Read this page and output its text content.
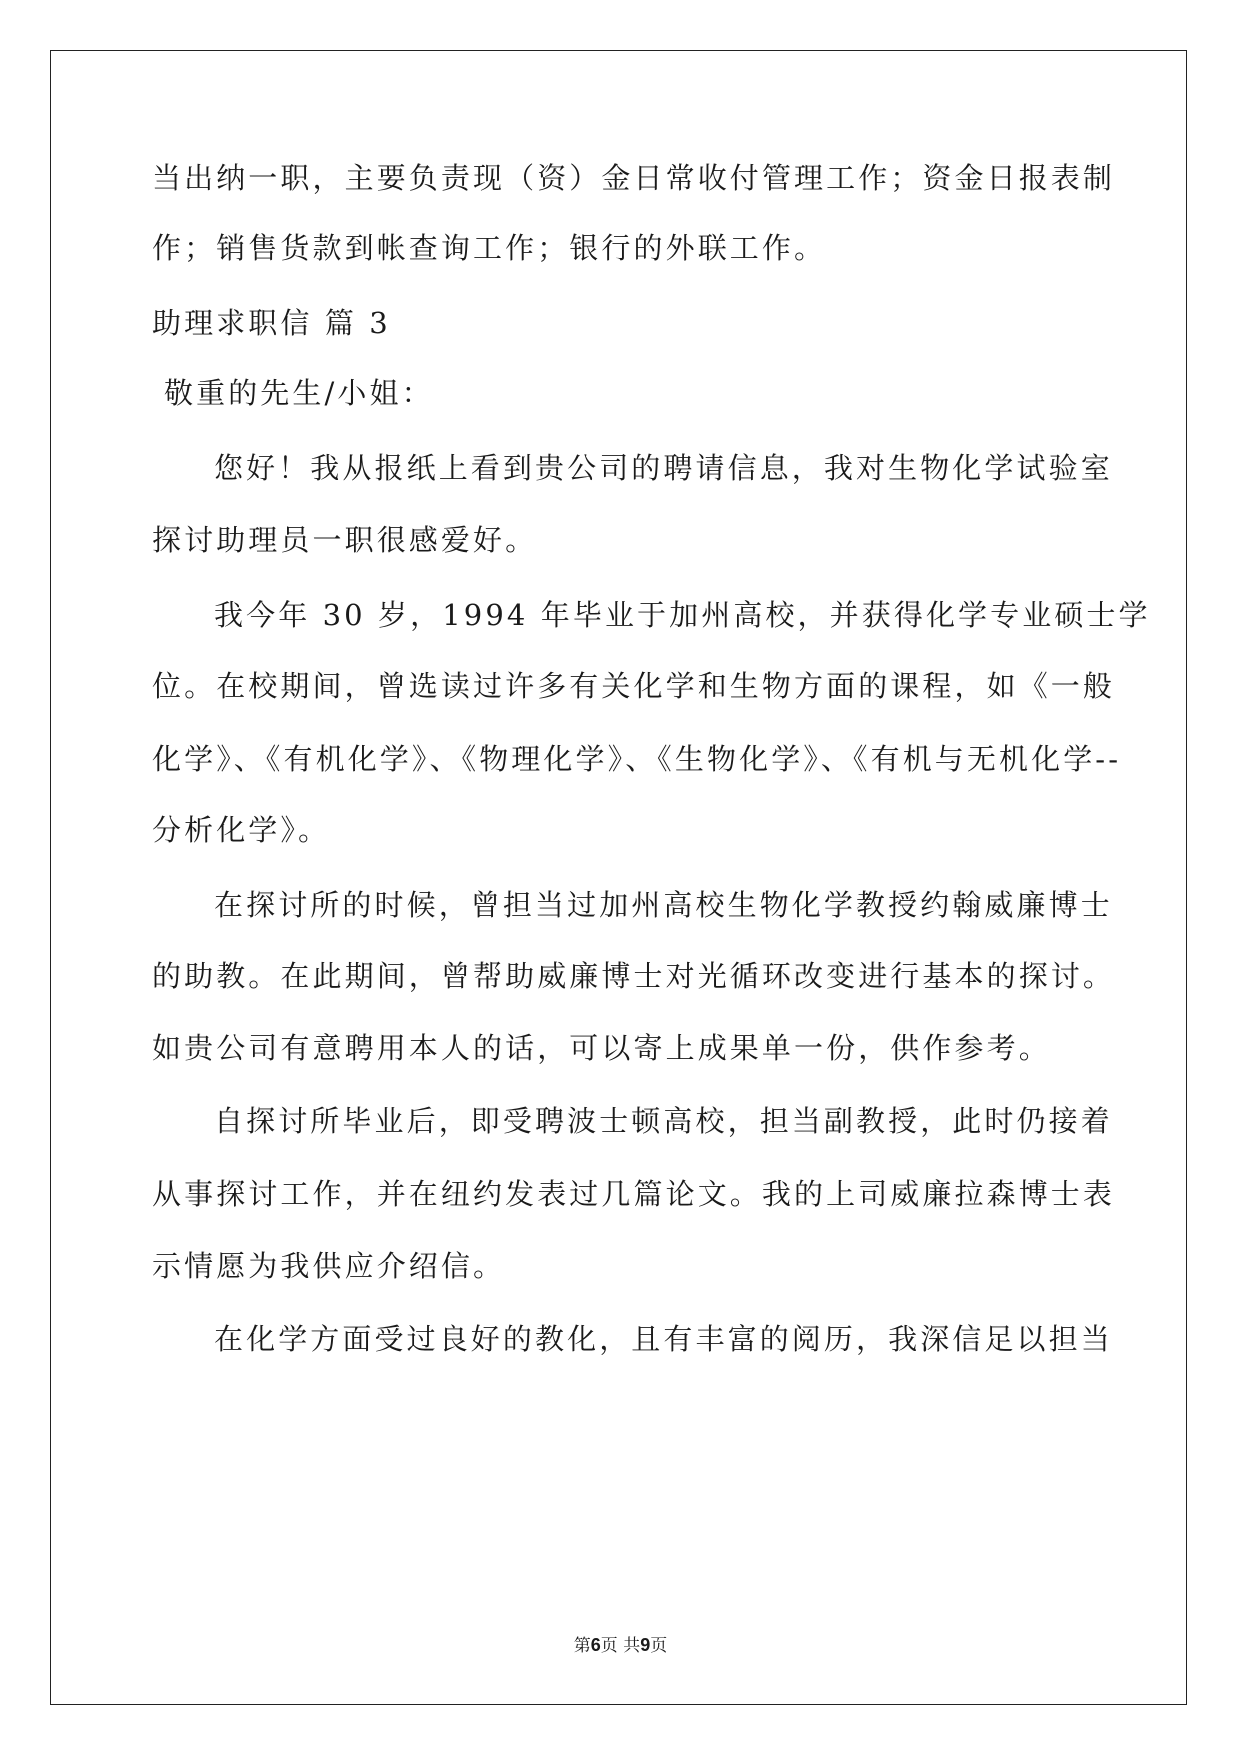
当出纳一职，主要负责现（资）金日常收付管理工作；资金日报表制
作；销售货款到帐查询工作；银行的外联工作。
助理求职信 篇 3
敬重的先生/小姐：
您好！我从报纸上看到贵公司的聘请信息，我对生物化学试验室
探讨助理员一职很感爱好。
我今年 30 岁，1994 年毕业于加州高校，并获得化学专业硕士学
位。在校期间，曾选读过许多有关化学和生物方面的课程，如《一般
化学》、《有机化学》、《物理化学》、《生物化学》、《有机与无机化学--
分析化学》。
在探讨所的时候，曾担当过加州高校生物化学教授约翰威廉博士
的助教。在此期间，曾帮助威廉博士对光循环改变进行基本的探讨。
如贵公司有意聘用本人的话，可以寄上成果单一份，供作参考。
自探讨所毕业后，即受聘波士顿高校，担当副教授，此时仍接着
从事探讨工作，并在纽约发表过几篇论文。我的上司威廉拉森博士表
示情愿为我供应介绍信。
在化学方面受过良好的教化，且有丰富的阅历，我深信足以担当
第6页 共9页
